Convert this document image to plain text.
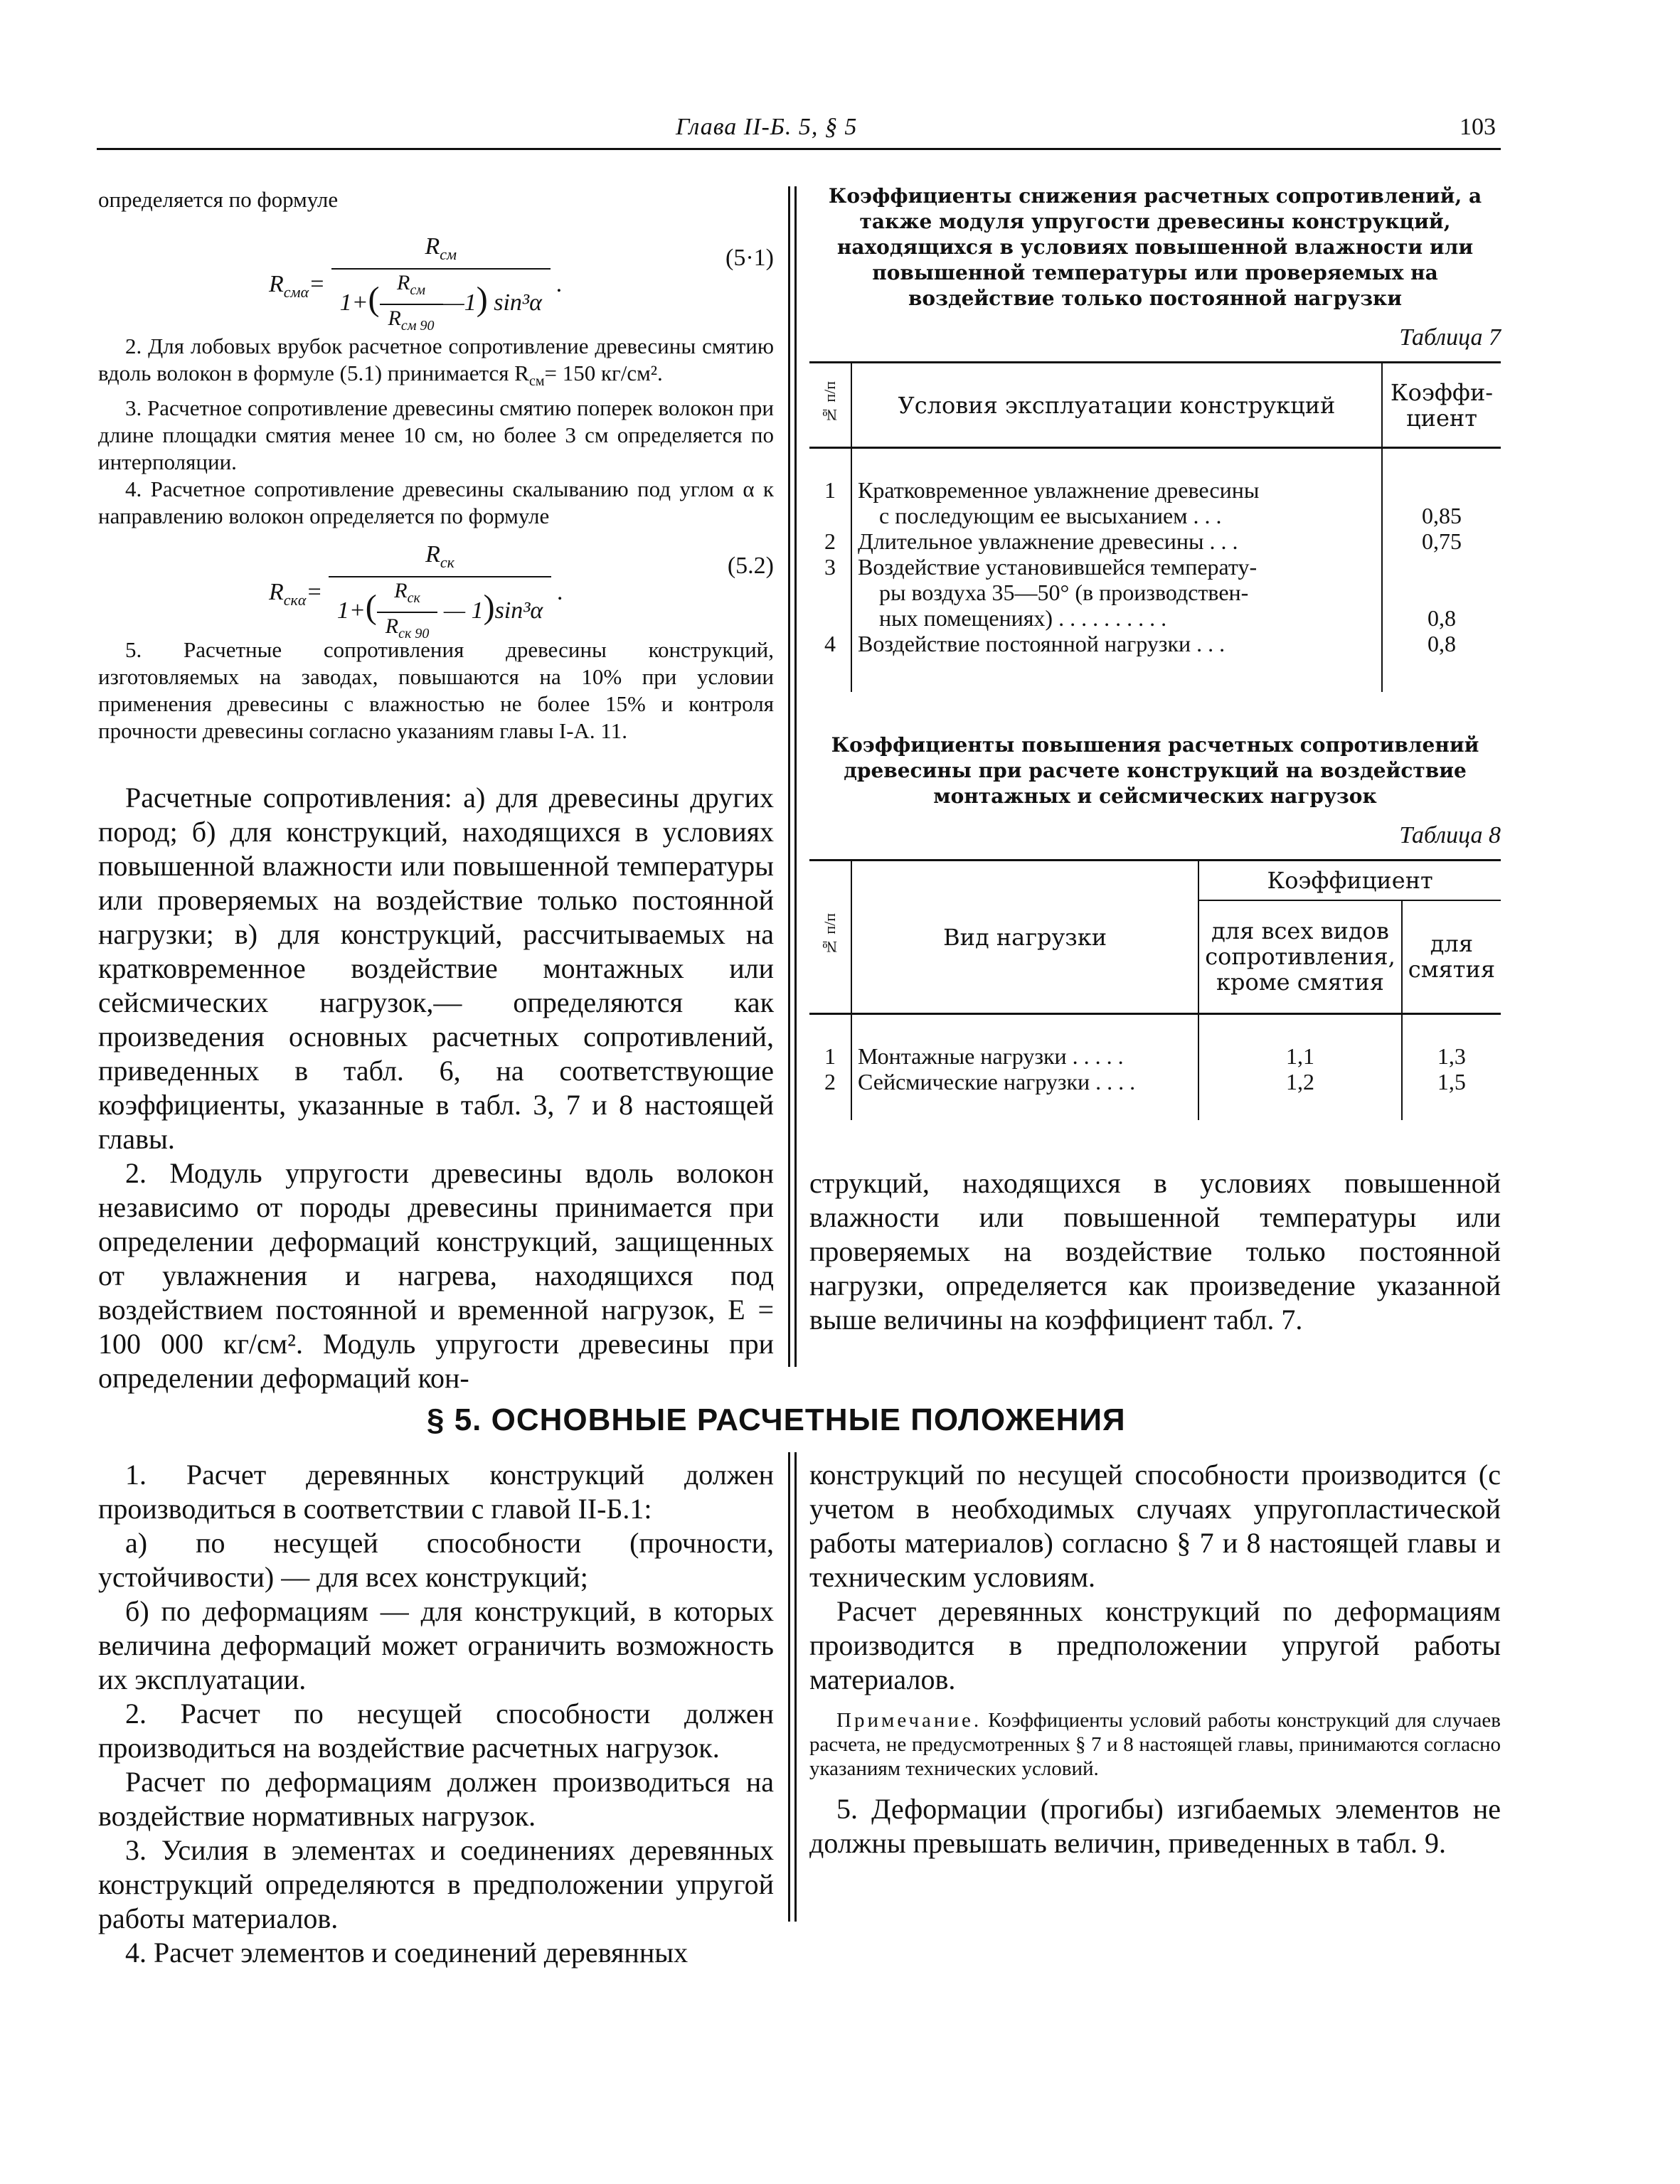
Глава II-Б. 5, § 5	103

определяется по формуле

$R_{см\alpha}= \frac{R_{см}}{1+( \frac{R_{см}}{R_{см 90}} —1) \sin^3\alpha}$ .
(5·1)

2. Для лобовых врубок расчетное сопротивление древесины смятию вдоль волокон в формуле (5.1) принимается $R_{см}= 150$ кг/см².

3. Расчетное сопротивление древесины смятию поперек волокон при длине площадки смятия менее 10 см, но более 3 см определяется по интерполяции.

4. Расчетное сопротивление древесины скалыванию под углом α к направлению волокон определяется по формуле

$R_{ск\alpha}= \frac{R_{ск}}{1+( \frac{R_{ск}}{R_{ск 90}} — 1)\sin^3\alpha}$ .
(5.2)

5. Расчетные сопротивления древесины конструкций, изготовляемых на заводах, повышаются на 10% при условии применения древесины с влажностью не более 15% и контроля прочности древесины согласно указаниям главы I-А. 11.

Расчетные сопротивления: а) для древесины других пород; б) для конструкций, находящихся в условиях повышенной влажности или повышенной температуры или проверяемых на воздействие только постоянной нагрузки; в) для конструкций, рассчитываемых на кратковременное воздействие монтажных или сейсмических нагрузок,— определяются как произведения основных расчетных сопротивлений, приведенных в табл. 6, на соответствующие коэффициенты, указанные в табл. 3, 7 и 8 настоящей главы.

2. Модуль упругости древесины вдоль волокон независимо от породы древесины принимается при определении деформаций конструкций, защищенных от увлажнения и нагрева, находящихся под воздействием постоянной и временной нагрузок, E = 100 000 кг/см². Модуль упругости древесины при определении деформаций кон-

Коэффициенты снижения расчетных сопротивлений, а также модуля упругости древесины конструкций, находящихся в условиях повышенной влажности или повышенной температуры или проверяемых на воздействие только постоянной нагрузки
Таблица 7
№ п/п	Условия эксплуатации конструкций	Коэффи-циент

1	Кратковременное увлажнение древесины
с последующим ее высыханием . . .	0,85
2	Длительное увлажнение древесины . . .	0,75
3	Воздействие установившейся температу-
ры воздуха 35—50° (в производствен-
ных помещениях) . . . . . . . . . .	0,8
4	Воздействие постоянной нагрузки . . .	0,8

Коэффициенты повышения расчетных сопротивлений древесины при расчете конструкций на воздействие монтажных и сейсмических нагрузок
Таблица 8
№ п/п	Вид нагрузки	Коэффициент	
		для всех видов сопротивления, кроме смятия	для смятия

1	Монтажные нагрузки . . . . .	1,1	1,3
2	Сейсмические нагрузки . . . .	1,2	1,5

струкций, находящихся в условиях повышенной влажности или повышенной температуры или проверяемых на воздействие только постоянной нагрузки, определяется как произведение указанной выше величины на коэффициент табл. 7.

§ 5. ОСНОВНЫЕ РАСЧЕТНЫЕ ПОЛОЖЕНИЯ

1. Расчет деревянных конструкций должен производиться в соответствии с главой II-Б.1:

а) по несущей способности (прочности, устойчивости) — для всех конструкций;

б) по деформациям — для конструкций, в которых величина деформаций может ограничить возможность их эксплуатации.

2. Расчет по несущей способности должен производиться на воздействие расчетных нагрузок.

Расчет по деформациям должен производиться на воздействие нормативных нагрузок.

3. Усилия в элементах и соединениях деревянных конструкций определяются в предположении упругой работы материалов.

4. Расчет элементов и соединений деревянных

конструкций по несущей способности производится (с учетом в необходимых случаях упругопластической работы материалов) согласно § 7 и 8 настоящей главы и техническим условиям.

Расчет деревянных конструкций по деформациям производится в предположении упругой работы материалов.

Примечание. Коэффициенты условий работы конструкций для случаев расчета, не предусмотренных § 7 и 8 настоящей главы, принимаются согласно указаниям технических условий.

5. Деформации (прогибы) изгибаемых элементов не должны превышать величин, приведенных в табл. 9.
